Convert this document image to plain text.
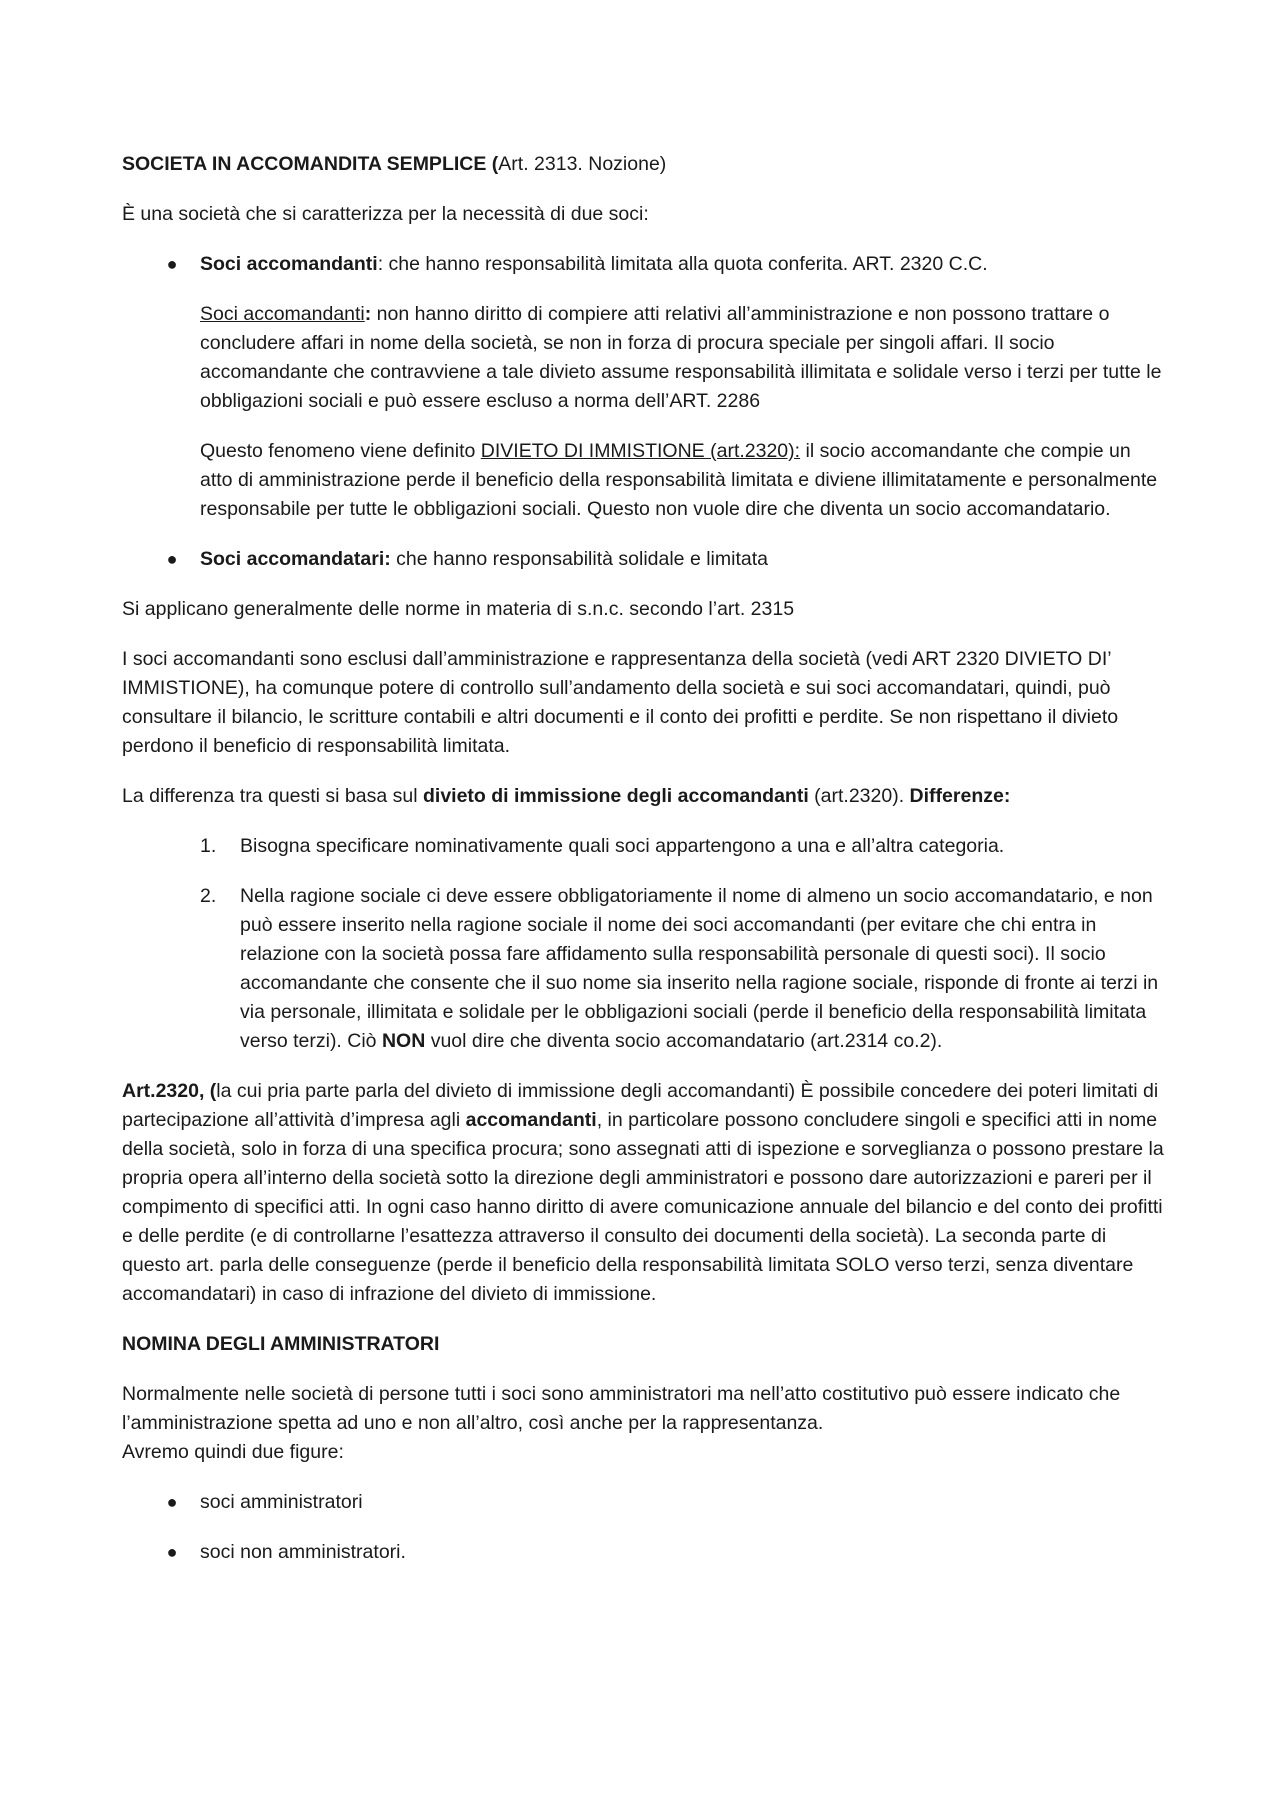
SOCIETA IN ACCOMANDITA SEMPLICE (Art. 2313. Nozione)

È una società che si caratterizza per la necessità di due soci:

● Soci accomandanti: che hanno responsabilità limitata alla quota conferita. ART. 2320 C.C.

Soci accomandanti: non hanno diritto di compiere atti relativi all’amministrazione e non possono trattare o concludere affari in nome della società, se non in forza di procura speciale per singoli affari. Il socio accomandante che contravviene a tale divieto assume responsabilità illimitata e solidale verso i terzi per tutte le obbligazioni sociali e può essere escluso a norma dell’ART. 2286

Questo fenomeno viene definito DIVIETO DI IMMISTIONE (art.2320): il socio accomandante che compie un atto di amministrazione perde il beneficio della responsabilità limitata e diviene illimitatamente e personalmente responsabile per tutte le obbligazioni sociali. Questo non vuole dire che diventa un socio accomandatario.

● Soci accomandatari: che hanno responsabilità solidale e limitata

Si applicano generalmente delle norme in materia di s.n.c. secondo l’art. 2315

I soci accomandanti sono esclusi dall’amministrazione e rappresentanza della società (vedi ART 2320 DIVIETO DI’ IMMISTIONE), ha comunque potere di controllo sull’andamento della società e sui soci accomandatari, quindi, può consultare il bilancio, le scritture contabili e altri documenti e il conto dei profitti e perdite. Se non rispettano il divieto perdono il beneficio di responsabilità limitata.

La differenza tra questi si basa sul divieto di immissione degli accomandanti (art.2320). Differenze:

1. Bisogna specificare nominativamente quali soci appartengono a una e all’altra categoria.
2. Nella ragione sociale ci deve essere obbligatoriamente il nome di almeno un socio accomandatario, e non può essere inserito nella ragione sociale il nome dei soci accomandanti (per evitare che chi entra in relazione con la società possa fare affidamento sulla responsabilità personale di questi soci). Il socio accomandante che consente che il suo nome sia inserito nella ragione sociale, risponde di fronte ai terzi in via personale, illimitata e solidale per le obbligazioni sociali (perde il beneficio della responsabilità limitata verso terzi). Ciò NON vuol dire che diventa socio accomandatario (art.2314 co.2).

Art.2320, (la cui pria parte parla del divieto di immissione degli accomandanti) È possibile concedere dei poteri limitati di partecipazione all’attività d’impresa agli accomandanti, in particolare possono concludere singoli e specifici atti in nome della società, solo in forza di una specifica procura; sono assegnati atti di ispezione e sorveglianza o possono prestare la propria opera all’interno della società sotto la direzione degli amministratori e possono dare autorizzazioni e pareri per il compimento di specifici atti. In ogni caso hanno diritto di avere comunicazione annuale del bilancio e del conto dei profitti e delle perdite (e di controllarne l’esattezza attraverso il consulto dei documenti della società). La seconda parte di questo art. parla delle conseguenze (perde il beneficio della responsabilità limitata SOLO verso terzi, senza diventare accomandatari) in caso di infrazione del divieto di immissione.

NOMINA DEGLI AMMINISTRATORI

Normalmente nelle società di persone tutti i soci sono amministratori ma nell’atto costitutivo può essere indicato che l’amministrazione spetta ad uno e non all’altro, così anche per la rappresentanza.
Avremo quindi due figure:

● soci amministratori
● soci non amministratori.
